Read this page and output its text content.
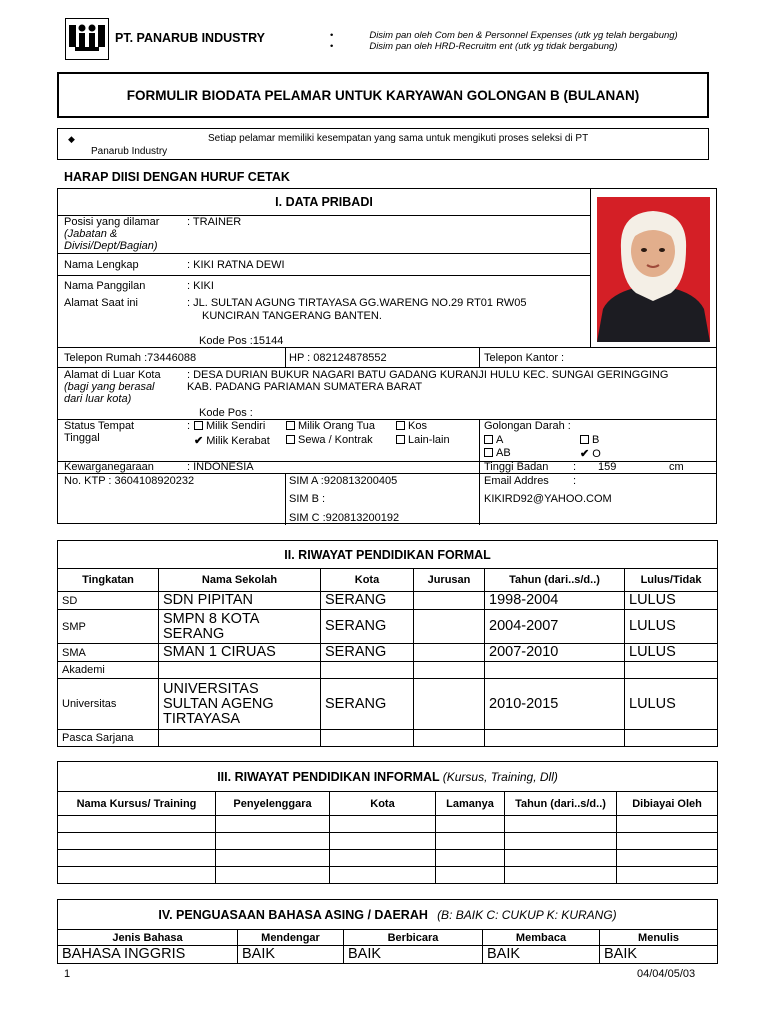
PT. PANARUB INDUSTRY	•	Disim pan oleh Com ben & Personnel Expenses (utk yg telah bergabung)
•	Disim pan oleh HRD-Recruitm ent (utk yg tidak bergabung)
FORMULIR BIODATA PELAMAR UNTUK KARYAWAN GOLONGAN B (BULANAN)
◆	Setiap pelamar memiliki kesempatan yang sama untuk mengikuti proses seleksi di PT
Panarub Industry
HARAP DIISI DENGAN HURUF CETAK
I. DATA PRIBADI
Posisi yang dilamar
(Jabatan &
Divisi/Dept/Bagian)
: TRAINER
Nama Lengkap	: KIKI RATNA DEWI
Nama Panggilan	: KIKI
Alamat Saat ini	: JL. SULTAN AGUNG TIRTAYASA GG.WARENG NO.29 RT01 RW05
KUNCIRAN TANGERANG BANTEN.
Kode Pos :15144
Telepon Rumah :73446088	HP : 082124878552	Telepon Kantor :
Alamat di Luar Kota
(bagi yang berasal
dari luar kota)
: DESA DURIAN BUKUR NAGARI BATU GADANG KURANJI HULU KEC. SUNGAI GERINGGING
KAB. PADANG PARIAMAN SUMATERA BARAT
Kode Pos :
Status Tempat
Tinggal
:	Milik Sendiri	Milik Orang Tua	Kos
✔ Milik Kerabat	Sewa / Kontrak	Lain-lain
Golongan Darah :
A	B
AB	✔ O
Kewarganegaraan	: INDONESIA	Tinggi Badan : 159	cm
No. KTP : 3604108920232	SIM A :920813200405
SIM B :
SIM C :920813200192
Email Addres :
KIKIRD92@YAHOO.COM
II. RIWAYAT PENDIDIKAN FORMAL					
Tingkatan	Nama Sekolah	Kota	Jurusan	Tahun (dari..s/d..)	Lulus/Tidak
SD	SDN PIPITAN	SERANG		1998-2004	LULUS
SMP	SMPN 8 KOTA SERANG	SERANG		2004-2007	LULUS
SMA	SMAN 1 CIRUAS	SERANG		2007-2010	LULUS
Akademi					
Universitas	UNIVERSITAS SULTAN AGENG TIRTAYASA	SERANG		2010-2015	LULUS
Pasca Sarjana					
III. RIWAYAT PENDIDIKAN INFORMAL (Kursus, Training, Dll)					
Nama Kursus/ Training	Penyelenggara	Kota	Lamanya	Tahun (dari..s/d..)	Dibiayai Oleh

IV. PENGUASAAN BAHASA ASING / DAERAH (B: BAIK C: CUKUP K: KURANG)				
Jenis Bahasa	Mendengar	Berbicara	Membaca	Menulis
BAHASA INGGRIS	BAIK	BAIK	BAIK	BAIK
1	04/04/05/03
